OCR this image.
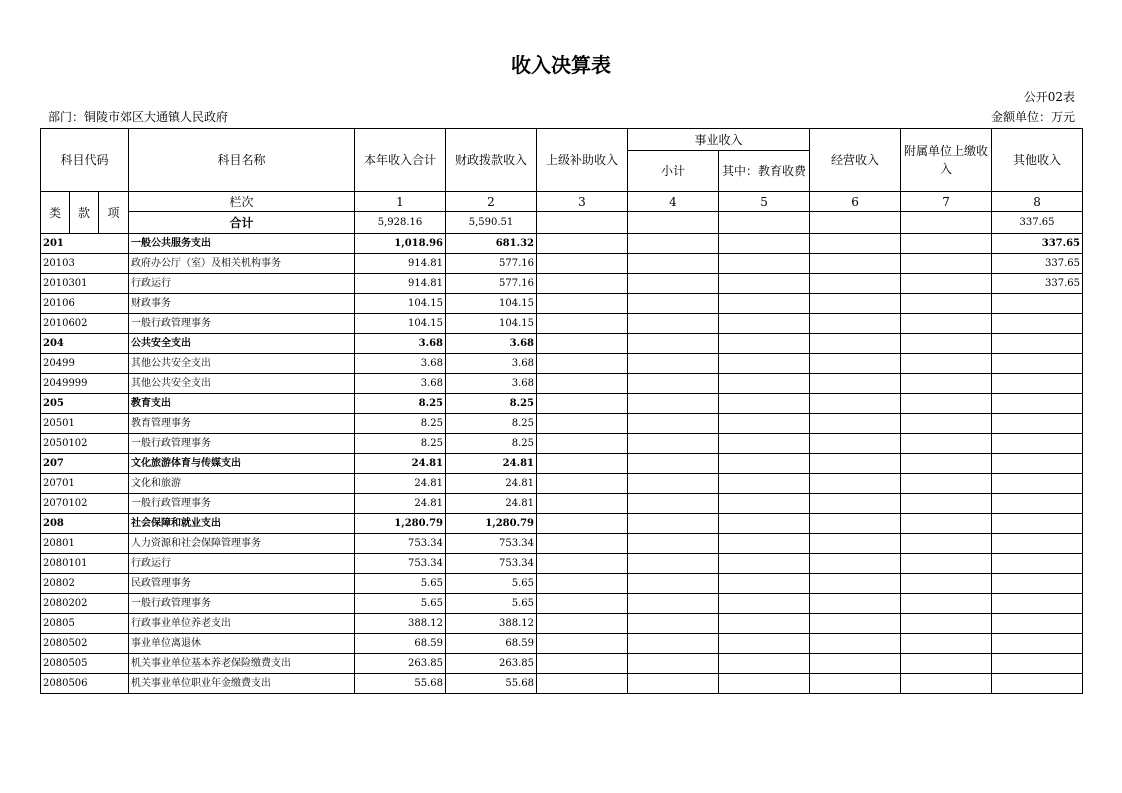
收入决算表
公开02表
部门：铜陵市郊区大通镇人民政府	金额单位：万元
科目代码			科目名称	本年收入合计	财政拨款收入	上级补助收入	事业收入		经营收入	附属单位上缴收入	其他收入
							小计	其中：教育收费			
类	款	项	栏次	1	2	3	4	5	6	7	8
			合计	5,928.16	5,590.51						337.65
201			一般公共服务支出	1,018.96	681.32						337.65
20103			政府办公厅（室）及相关机构事务	914.81	577.16						337.65
2010301			行政运行	914.81	577.16						337.65
20106			财政事务	104.15	104.15						
2010602			一般行政管理事务	104.15	104.15						
204			公共安全支出	3.68	3.68						
20499			其他公共安全支出	3.68	3.68						
2049999			其他公共安全支出	3.68	3.68						
205			教育支出	8.25	8.25						
20501			教育管理事务	8.25	8.25						
2050102			一般行政管理事务	8.25	8.25						
207			文化旅游体育与传媒支出	24.81	24.81						
20701			文化和旅游	24.81	24.81						
2070102			一般行政管理事务	24.81	24.81						
208			社会保障和就业支出	1,280.79	1,280.79						
20801			人力资源和社会保障管理事务	753.34	753.34						
2080101			行政运行	753.34	753.34						
20802			民政管理事务	5.65	5.65						
2080202			一般行政管理事务	5.65	5.65						
20805			行政事业单位养老支出	388.12	388.12						
2080502			事业单位离退休	68.59	68.59						
2080505			机关事业单位基本养老保险缴费支出	263.85	263.85						
2080506			机关事业单位职业年金缴费支出	55.68	55.68						
